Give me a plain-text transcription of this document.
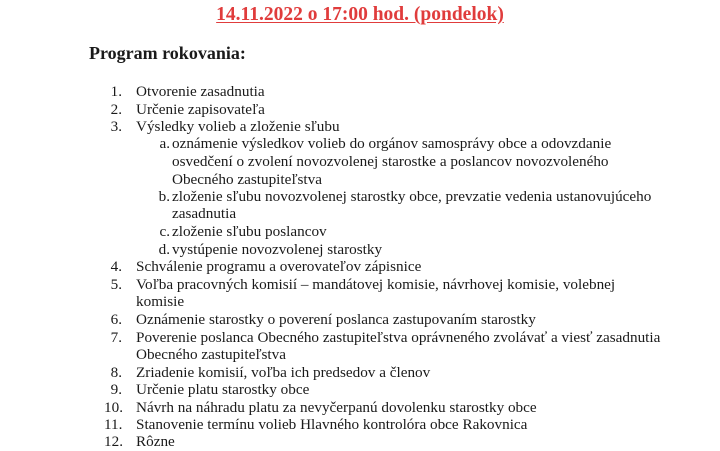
14.11.2022 o 17:00 hod. (pondelok)
Program rokovania:
1. Otvorenie zasadnutia
2. Určenie zapisovateľa
3. Výsledky volieb a zloženie sľubu
a. oznámenie výsledkov volieb do orgánov samosprávy obce a odovzdanie
osvedčení o zvolení novozvolenej starostke a poslancov novozvoleného
Obecného zastupiteľstva
b. zloženie sľubu novozvolenej starostky obce, prevzatie vedenia ustanovujúceho
zasadnutia
c. zloženie sľubu poslancov
d. vystúpenie novozvolenej starostky
4. Schválenie programu a overovateľov zápisnice
5. Voľba pracovných komisií – mandátovej komisie, návrhovej komisie, volebnej
komisie
6. Oznámenie starostky o poverení poslanca zastupovaním starostky
7. Poverenie poslanca Obecného zastupiteľstva oprávneného zvolávať a viesť zasadnutia
Obecného zastupiteľstva
8. Zriadenie komisií, voľba ich predsedov a členov
9. Určenie platu starostky obce
10. Návrh na náhradu platu za nevyčerpanú dovolenku starostky obce
11. Stanovenie termínu volieb Hlavného kontrolóra obce Rakovnica
12. Rôzne
